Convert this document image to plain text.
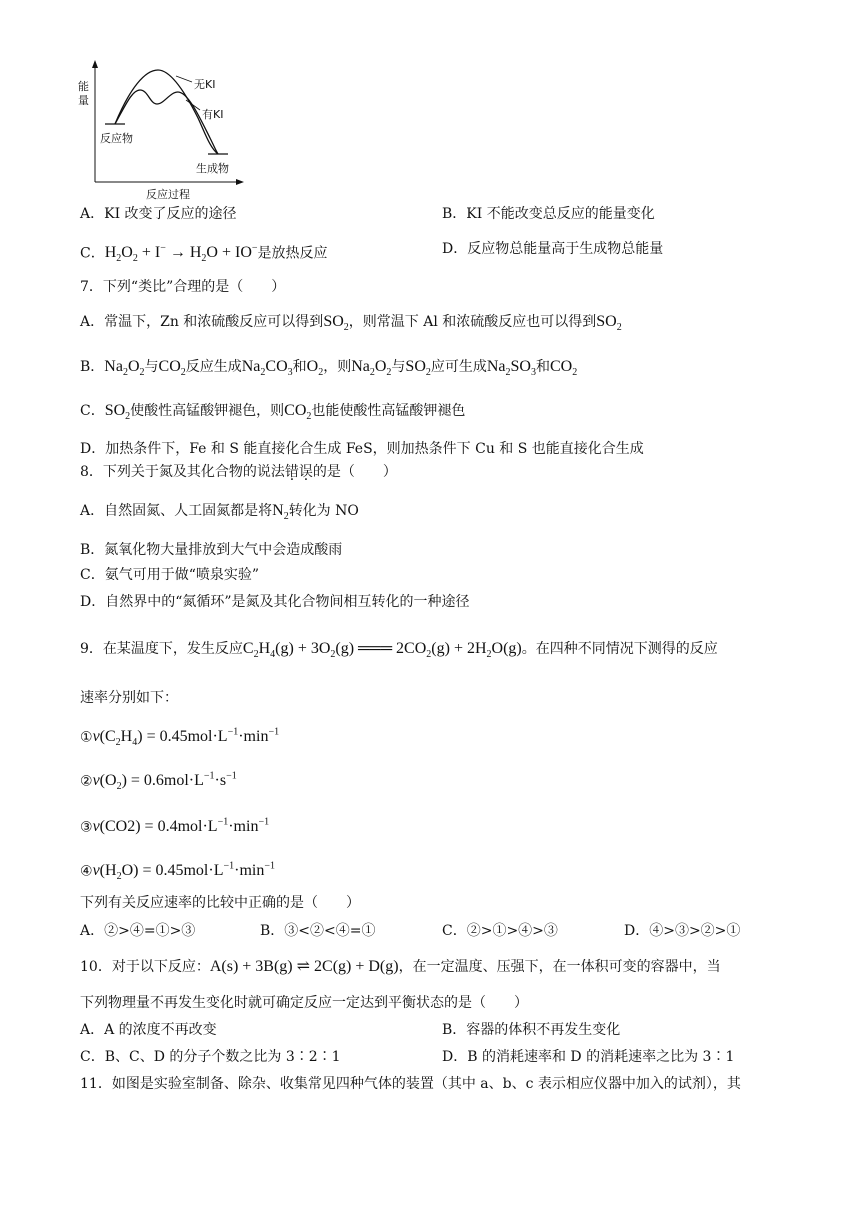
能
量
反应过程
反应物
生成物
无KI
有KI
A．KI 改变了反应的途径	B．KI 不能改变总反应的能量变化
C．$H_2O_2 + I^- \to H_2O + IO^-$是放热反应	D．反应物总能量高于生成物总能量
7．下列“类比”合理的是（　　）
A．常温下，Zn 和浓硫酸反应可以得到$SO_2$，则常温下 Al 和浓硫酸反应也可以得到$SO_2$
B．$Na_2O_2$与$CO_2$反应生成$Na_2CO_3$和$O_2$，则$Na_2O_2$与$SO_2$应可生成$Na_2SO_3$和$CO_2$
C．$SO_2$使酸性高锰酸钾褪色，则$CO_2$也能使酸性高锰酸钾褪色
D．加热条件下，Fe 和 S 能直接化合生成 FeS，则加热条件下 Cu 和 S 也能直接化合生成
8．下列关于氮及其化合物的说法错误的是（　　）
A．自然固氮、人工固氮都是将$N_2$转化为 NO
B．氮氧化物大量排放到大气中会造成酸雨
C．氨气可用于做“喷泉实验”
D．自然界中的“氮循环”是氮及其化合物间相互转化的一种途径
9．在某温度下，发生反应$C_2H_4(g) + 3O_2(g)$ ═══ $2CO_2(g) + 2H_2O(g)$。在四种不同情况下测得的反应
速率分别如下：
$①v(C_2H_4) = 0.45mol\cdot L^{-1}\cdot\min^{-1}$
$②v(O_2) = 0.6mol\cdot L^{-1}\cdot s^{-1}$
③v(CO2) = $0.4mol\cdot L^{-1}\cdot\min^{-1}$
$④v(H_2O) = 0.45mol\cdot L^{-1}\cdot\min^{-1}$
下列有关反应速率的比较中正确的是（　　）
A．②>④=①>③	B．③<②<④=①	C．②>①>④>③	D．④>③>②>①
10．对于以下反应：A(s) + 3B(g) ⇌ 2C(g) + D(g)，在一定温度、压强下，在一体积可变的容器中，当
下列物理量不再发生变化时就可确定反应一定达到平衡状态的是（　　）
A．A 的浓度不再改变	B．容器的体积不再发生变化
C．B、C、D 的分子个数之比为 3∶2∶1	D．B 的消耗速率和 D 的消耗速率之比为 3∶1
11．如图是实验室制备、除杂、收集常见四种气体的装置（其中 a、b、c 表示相应仪器中加入的试剂），其
